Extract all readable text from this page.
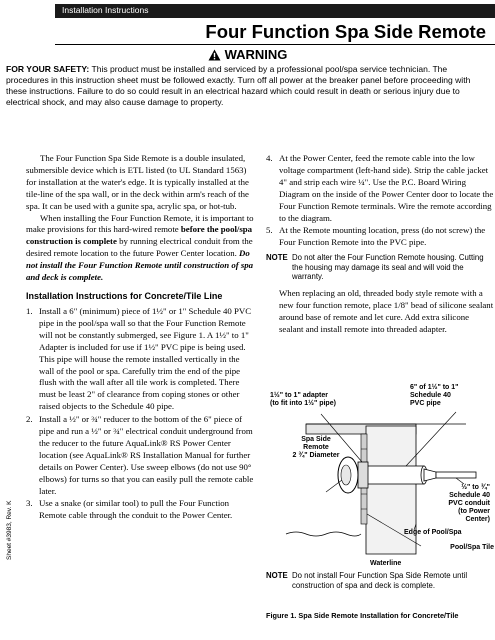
Installation Instructions
Four Function Spa Side Remote
WARNING
FOR YOUR SAFETY: This product must be installed and serviced by a professional pool/spa service technician. The procedures in this instruction sheet must be followed exactly. Turn off all power at the breaker panel before proceeding with these instructions. Failure to do so could result in an electrical hazard which could result in death or serious injury due to electrical shock, and may also cause damage to property.

The Four Function Spa Side Remote is a double insulated, submersible device which is ETL listed (to UL Standard 1563) for installation at the water's edge. It is typically installed at the tile-line of the spa wall, or in the deck within arm's reach of the spa. It can be used with a gunite spa, acrylic spa, or hot-tub.

When installing the Four Function Remote, it is important to make provisions for this hard-wired remote before the pool/spa construction is complete by running electrical conduit from the desired remote location to the future Power Center location. Do not install the Four Function Remote until construction of spa and deck is complete.

Installation Instructions for Concrete/Tile Line
1. Install a 6" (minimum) piece of 1½" or 1" Schedule 40 PVC pipe in the pool/spa wall so that the Four Function Remote will not be constantly submerged, see Figure 1. A 1½" to 1" Adapter is included for use if 1½" PVC pipe is being used. This pipe will house the remote installed vertically in the wall of the pool or spa. Carefully trim the end of the pipe flush with the wall after all tile work is completed. There must be least 2" of clearance from coping stones or other raised objects to the Schedule 40 pipe.
2. Install a ½" or ¾" reducer to the bottom of the 6" piece of pipe and run a ½" or ¾" electrical conduit underground from the reducer to the future AquaLink® RS Power Center location (see AquaLink® RS Installation Manual for further details on Power Center). Use sweep elbows (do not use 90° elbows) for turns so that you can easily pull the remote cable later.
3. Use a snake (or similar tool) to pull the Four Function Remote cable through the conduit to the Power Center.
4. At the Power Center, feed the remote cable into the low voltage compartment (left-hand side). Strip the cable jacket 4" and strip each wire ¼". Use the P.C. Board Wiring Diagram on the inside of the Power Center door to locate the Four Function Remote terminals. Wire the remote according to the diagram.
5. At the Remote mounting location, press (do not screw) the Four Function Remote into the PVC pipe.
NOTE Do not alter the Four Function Remote housing. Cutting the housing may damage its seal and will void the warranty.

When replacing an old, threaded body style remote with a new four function remote, place 1/8" bead of silicone sealant around base of remote and let cure. Add extra silicone sealant and install remote into threaded adapter.

1½" to 1" adapter
(to fit into 1½" pipe)
6" of 1½" to 1"
Schedule 40
PVC pipe
Spa Side
Remote
2 ¾" Diameter
½" to ¾"
Schedule 40
PVC conduit
(to Power
Center)
Edge of Pool/Spa
Pool/Spa Tile
Waterline
NOTE Do not install Four Function Spa Side Remote until construction of spa and deck is complete.
Figure 1. Spa Side Remote Installation for Concrete/Tile
Sheet #3983, Rev. K
